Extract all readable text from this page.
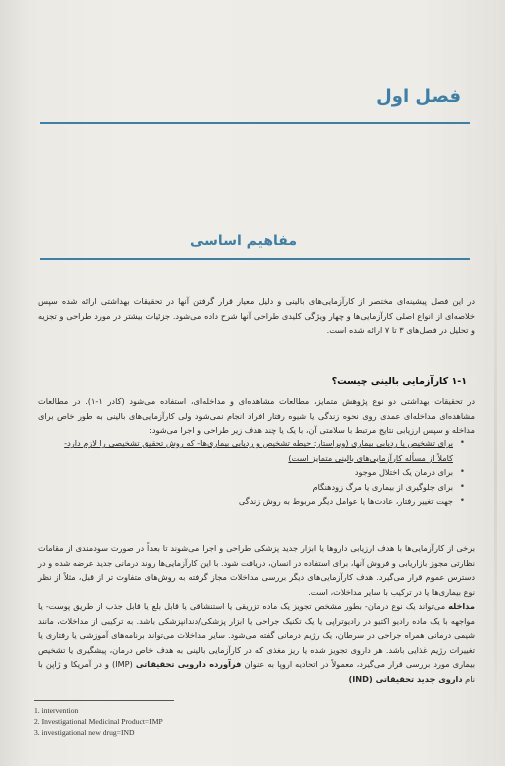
فصل اول
مفاهیم اساسی
در این فصل پیشینه‌ای مختصر از کارآزمایی‌های بالینی و دلیل معیار قرار گرفتن آنها در تحقیقات بهداشتی ارائه شده سپس خلاصه‌ای از انواع اصلی کارآزمایی‌ها و چهار ویژگی کلیدی طراحی آنها شرح داده می‌شود. جزئیات بیشتر در مورد طراحی و تجزیه و تحلیل در فصل‌های ۳ تا ۷ ارائه شده است.
۱-۱ کارآزمایی بالینی چیست؟
در تحقیقات بهداشتی دو نوع پژوهش متمایز، مطالعات مشاهده‌ای و مداخله‌ای، استفاده می‌شود (کادر ۱-۱). در مطالعات مشاهده‌ای مداخله‌ای عمدی روی نحوه زندگی یا شیوه رفتار افراد انجام نمی‌شود ولی کارآزمایی‌های بالینی به طور خاص برای مداخله و سپس ارزیابی نتایج مرتبط با سلامتی آن، با یک یا چند هدف زیر طراحی و اجرا می‌شود:
•
برای تشخیص یا ردیابی بیماری (ویراستار: حیطه تشخیص و ردیابی بیماری‌ها- که روش تحقیق تشخیصی را لازم دارد- کاملاً از مسأله کارآزمایی‌های بالینی متمایز است)
•
برای درمان یک اختلال موجود
•
برای جلوگیری از بیماری یا مرگ زودهنگام
•
جهت تغییر رفتار، عادت‌ها یا عوامل دیگر مربوط به روش زندگی
برخی از کارآزمایی‌ها با هدف ارزیابی داروها یا ابزار جدید پزشکی طراحی و اجرا می‌شوند تا بعداً در صورت سودمندی از مقامات نظارتی مجوز بازاریابی و فروش آنها، برای استفاده در انسان، دریافت شود. با این کارآزمایی‌ها روند درمانی جدید عرضه شده و در دسترس عموم قرار می‌گیرد. هدف کارآزمایی‌های دیگر بررسی مداخلات مجاز گرفته به روش‌های متفاوت تر از قبل، مثلاً از نظر نوع بیماری‌ها یا در ترکیب با سایر مداخلات، است.
مداخله می‌تواند یک نوع درمان- بطور مشخص تجویز یک ماده تزریقی یا استنشاقی یا قابل بلع یا قابل جذب از طریق پوست- یا مواجهه با یک ماده رادیو اکتیو در رادیوتراپی یا یک تکنیک جراحی یا ابزار پزشکی/دندانپزشکی باشد. به ترکیبی از مداخلات، مانند شیمی درمانی همراه جراحی در سرطان، یک رژیم درمانی گفته می‌شود. سایر مداخلات می‌تواند برنامه‌های آموزشی یا رفتاری یا تغییرات رژیم غذایی باشد. هر داروی تجویز شده یا ریز مغذی که در کارآزمایی بالینی به هدف خاص درمان، پیشگیری یا تشخیص بیماری مورد بررسی قرار می‌گیرد، معمولاً در اتحادیه اروپا به عنوان فرآورده دارویی تحقیقاتی (IMP) و در آمریکا و ژاپن با نام داروی جدید تحقیقاتی (IND)
1. intervention
2. Investigational Medicinal Product=IMP
3. investigational new drug=IND
